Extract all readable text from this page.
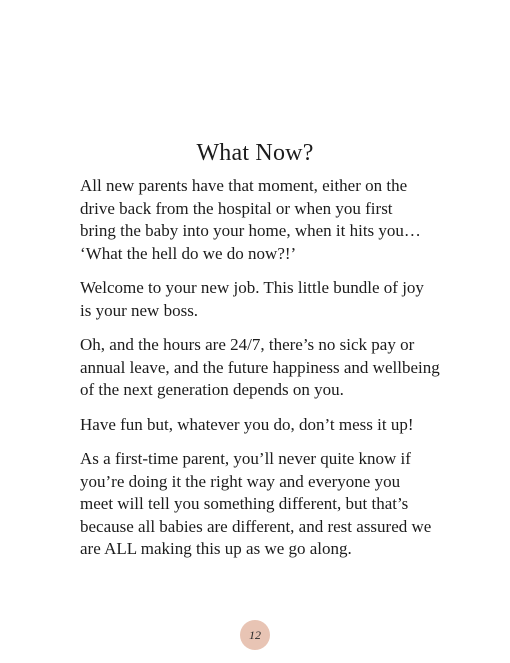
What Now?

All new parents have that moment, either on the
drive back from the hospital or when you first
bring the baby into your home, when it hits you…
‘What the hell do we do now?!’

Welcome to your new job. This little bundle of joy
is your new boss.

Oh, and the hours are 24/7, there’s no sick pay or
annual leave, and the future happiness and wellbeing
of the next generation depends on you.

Have fun but, whatever you do, don’t mess it up!

As a first-time parent, you’ll never quite know if
you’re doing it the right way and everyone you
meet will tell you something different, but that’s
because all babies are different, and rest assured we
are ALL making this up as we go along.

12
